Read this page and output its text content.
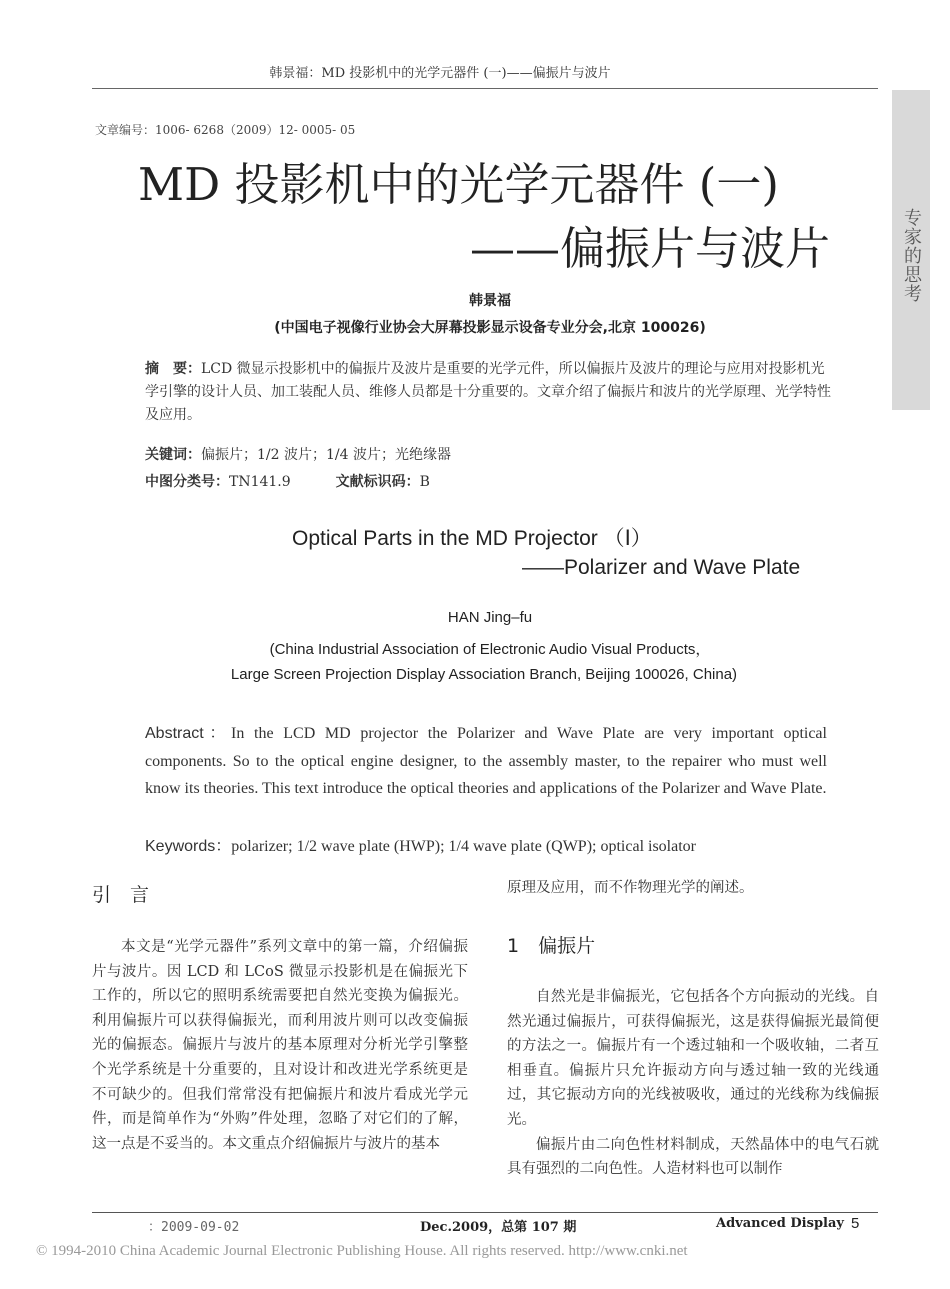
韩景福：MD 投影机中的光学元器件 (一)——偏振片与波片
专家的思考
文章编号：1006- 6268（2009）12- 0005- 05
MD 投影机中的光学元器件 (一)
——偏振片与波片
韩景福
(中国电子视像行业协会大屏幕投影显示设备专业分会,北京 100026)
摘　要：LCD 微显示投影机中的偏振片及波片是重要的光学元件，所以偏振片及波片的理论与应用对投影机光学引擎的设计人员、加工装配人员、维修人员都是十分重要的。文章介绍了偏振片和波片的光学原理、光学特性及应用。
关键词：偏振片；1/2 波片；1/4 波片；光绝缘器
中图分类号：TN141.9	文献标识码：B
Optical Parts in the MD Projector （Ⅰ）
——Polarizer and Wave Plate
HAN Jing–fu
(China Industrial Association of Electronic Audio Visual Products，
Large Screen Projection Display Association Branch, Beijing 100026, China)
Abstract：In the LCD MD projector the Polarizer and Wave Plate are very important optical components. So to the optical engine designer, to the assembly master, to the repairer who must well know its theories. This text introduce the optical theories and applications of the Polarizer and Wave Plate.
Keywords：polarizer; 1/2 wave plate (HWP); 1/4 wave plate (QWP); optical isolator
引　言

本文是“光学元器件”系列文章中的第一篇，介绍偏振片与波片。因 LCD 和 LCoS 微显示投影机是在偏振光下工作的，所以它的照明系统需要把自然光变换为偏振光。利用偏振片可以获得偏振光，而利用波片则可以改变偏振光的偏振态。偏振片与波片的基本原理对分析光学引擎整个光学系统是十分重要的，且对设计和改进光学系统更是不可缺少的。但我们常常没有把偏振片和波片看成光学元件，而是简单作为“外购”件处理，忽略了对它们的了解，这一点是不妥当的。本文重点介绍偏振片与波片的基本

原理及应用，而不作物理光学的阐述。

1　偏振片

自然光是非偏振光，它包括各个方向振动的光线。自然光通过偏振片，可获得偏振光，这是获得偏振光最简便的方法之一。偏振片有一个透过轴和一个吸收轴，二者互相垂直。偏振片只允许振动方向与透过轴一致的光线通过，其它振动方向的光线被吸收，通过的光线称为线偏振光。

偏振片由二向色性材料制成，天然晶体中的电气石就具有强烈的二向色性。人造材料也可以制作

：2009-09-02	Dec.2009，总第 107 期	Advanced Display 5
© 1994-2010 China Academic Journal Electronic Publishing House. All rights reserved. http://www.cnki.net
